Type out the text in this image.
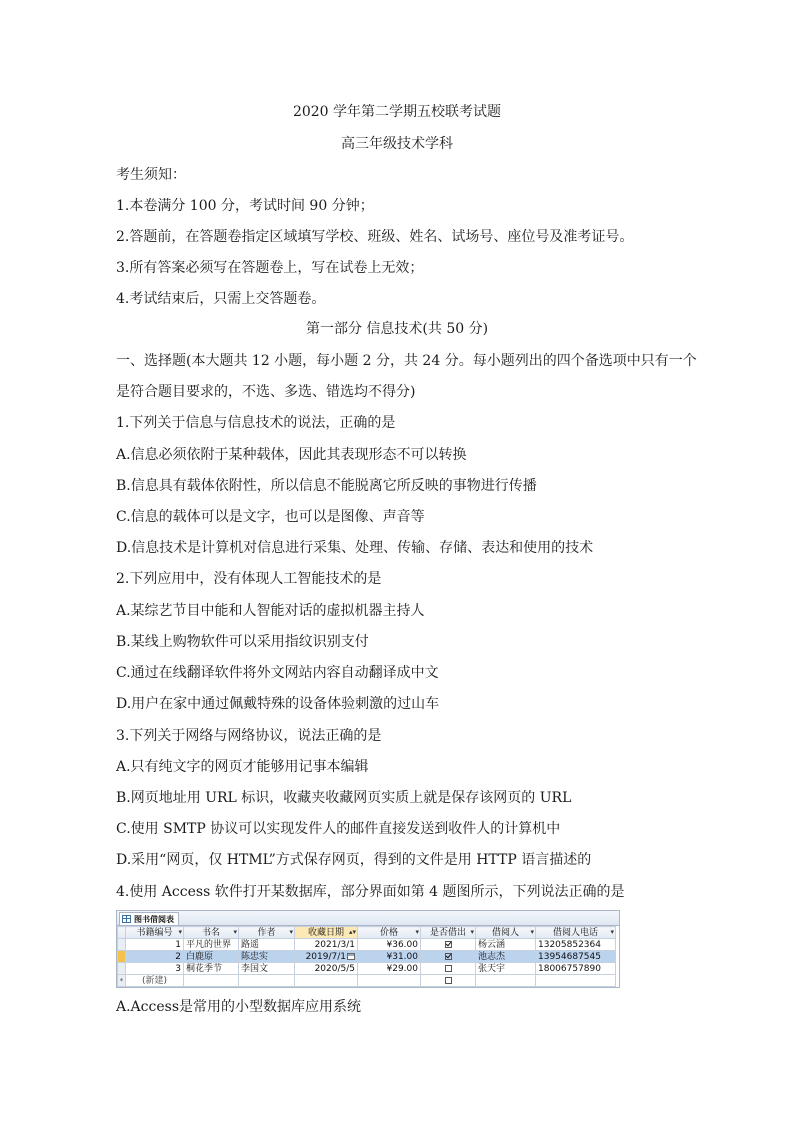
2020 学年第二学期五校联考试题
高三年级技术学科
考生须知：
1.本卷满分 100 分，考试时间 90 分钟；
2.答题前，在答题卷指定区域填写学校、班级、姓名、试场号、座位号及准考证号。
3.所有答案必须写在答题卷上，写在试卷上无效；
4.考试结束后，只需上交答题卷。
第一部分 信息技术(共 50 分)
一、选择题(本大题共 12 小题，每小题 2 分，共 24 分。每小题列出的四个备选项中只有一个
是符合题目要求的，不选、多选、错选均不得分)
1.下列关于信息与信息技术的说法，正确的是
A.信息必须依附于某种载体，因此其表现形态不可以转换
B.信息具有载体依附性，所以信息不能脱离它所反映的事物进行传播
C.信息的载体可以是文字，也可以是图像、声音等
D.信息技术是计算机对信息进行采集、处理、传输、存储、表达和使用的技术
2.下列应用中，没有体现人工智能技术的是
A.某综艺节目中能和人智能对话的虚拟机器主持人
B.某线上购物软件可以采用指纹识别支付
C.通过在线翻译软件将外文网站内容自动翻译成中文
D.用户在家中通过佩戴特殊的设备体验刺激的过山车
3.下列关于网络与网络协议，说法正确的是
A.只有纯文字的网页才能够用记事本编辑
B.网页地址用 URL 标识，收藏夹收藏网页实质上就是保存该网页的 URL
C.使用 SMTP 协议可以实现发件人的邮件直接发送到收件人的计算机中
D.采用“网页，仅 HTML”方式保存网页，得到的文件是用 HTTP 语言描述的
4.使用 Access 软件打开某数据库，部分界面如第 4 题图所示，下列说法正确的是
图书借阅表
	书籍编号 ▾	书名 ▾	作者 ▾	收藏日期 ▴▾	价格 ▾	是否借出 ▾	借阅人 ▾	借阅人电话 ▾

	1	平凡的世界	路遥	2021/3/1	¥36.00		杨云涵	13205852364
	2	白鹿原	陈忠实	2019/7/1	¥31.00		池志杰	13954687545
	3	桐花季节	李国文	2020/5/5	¥29.00		张天宇	18006757890
*	(新建)							
A.Access是常用的小型数据库应用系统
